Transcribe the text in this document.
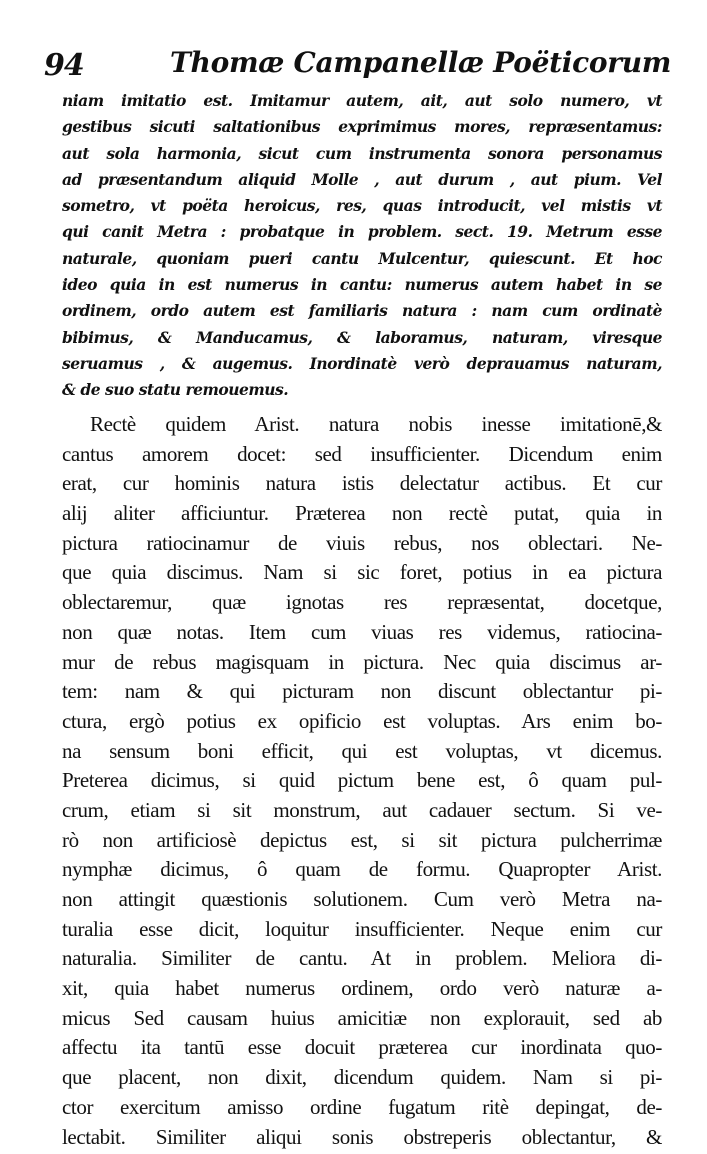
94	Thomæ Campanellæ Poëticorum
niam imitatio est. Imitamur autem, ait, aut solo numero, vt
gestibus sicuti saltationibus exprimimus mores, repræsentamus:
aut sola harmonia, sicut cum instrumenta sonora personamus
ad præsentandum aliquid Molle , aut durum , aut pium. Vel
sometro, vt poëta heroicus, res, quas introducit, vel mistis vt
qui canit Metra : probatque in problem. sect. 19. Metrum esse
naturale, quoniam pueri cantu Mulcentur, quiescunt. Et hoc
ideo quia in est numerus in cantu: numerus autem habet in se
ordinem, ordo autem est familiaris natura : nam cum ordinatè
bibimus, & Manducamus, & laboramus, naturam, viresque
seruamus , & augemus. Inordinatè verò deprauamus naturam,
& de suo statu remouemus.
Rectè quidem Arist. natura nobis inesse imitationē,&
cantus amorem docet: sed insufficienter. Dicendum enim
erat, cur hominis natura istis delectatur actibus. Et cur
alij aliter afficiuntur. Præterea non rectè putat, quia in
pictura ratiocinamur de viuis rebus, nos oblectari. Ne-
que quia discimus. Nam si sic foret, potius in ea pictura
oblectaremur, quæ ignotas res repræsentat, docetque,
non quæ notas. Item cum viuas res videmus, ratiocina-
mur de rebus magisquam in pictura. Nec quia discimus ar-
tem: nam & qui picturam non discunt oblectantur pi-
ctura, ergò potius ex opificio est voluptas. Ars enim bo-
na sensum boni efficit, qui est voluptas, vt dicemus.
Preterea dicimus, si quid pictum bene est, ô quam pul-
crum, etiam si sit monstrum, aut cadauer sectum. Si ve-
rò non artificiosè depictus est, si sit pictura pulcherrimæ
nymphæ dicimus, ô quam de formu. Quapropter Arist.
non attingit quæstionis solutionem. Cum verò Metra na-
turalia esse dicit, loquitur insufficienter. Neque enim cur
naturalia. Similiter de cantu. At in problem. Meliora di-
xit, quia habet numerus ordinem, ordo verò naturæ a-
micus Sed causam huius amicitiæ non explorauit, sed ab
affectu ita tantū esse docuit præterea cur inordinata quo-
que placent, non dixit, dicendum quidem. Nam si pi-
ctor exercitum amisso ordine fugatum ritè depingat, de-
lectabit. Similiter aliqui sonis obstreperis oblectantur, &
